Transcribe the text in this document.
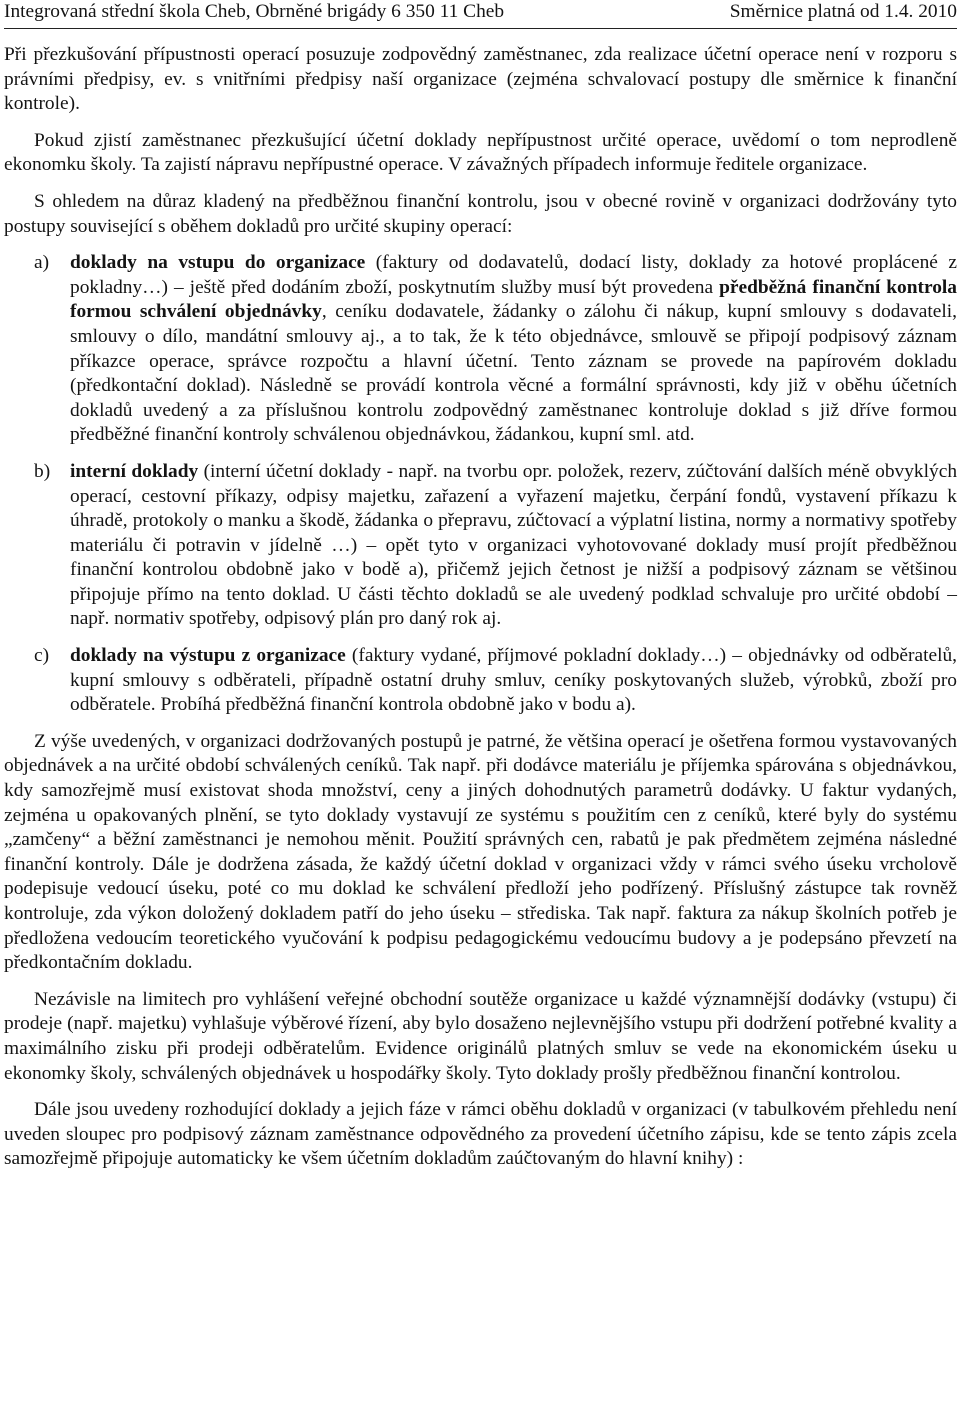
Integrovaná střední škola Cheb, Obrněné brigády 6 350 11 Cheb	Směrnice platná od 1.4. 2010

Při přezkušování přípustnosti operací posuzuje zodpovědný zaměstnanec, zda realizace účetní operace není v rozporu s právními předpisy, ev. s vnitřními předpisy naší organizace (zejména schvalovací postupy dle směrnice k finanční kontrole).

Pokud zjistí zaměstnanec přezkušující účetní doklady nepřípustnost určité operace, uvědomí o tom neprodleně ekonomku školy. Ta zajistí nápravu nepřípustné operace. V závažných případech informuje ředitele organizace.

S ohledem na důraz kladený na předběžnou finanční kontrolu, jsou v obecné rovině v organizaci dodržovány tyto postupy související s oběhem dokladů pro určité skupiny operací:

a) doklady na vstupu do organizace (faktury od dodavatelů, dodací listy, doklady za hotové proplácené z pokladny…) – ještě před dodáním zboží, poskytnutím služby musí být provedena předběžná finanční kontrola formou schválení objednávky, ceníku dodavatele, žádanky o zálohu či nákup, kupní smlouvy s dodavateli, smlouvy o dílo, mandátní smlouvy aj., a to tak, že k této objednávce, smlouvě se připojí podpisový záznam příkazce operace, správce rozpočtu a hlavní účetní. Tento záznam se provede na papírovém dokladu (předkontační doklad). Následně se provádí kontrola věcné a formální správnosti, kdy již v oběhu účetních dokladů uvedený a za příslušnou kontrolu zodpovědný zaměstnanec kontroluje doklad s již dříve formou předběžné finanční kontroly schválenou objednávkou, žádankou, kupní sml. atd.
b) interní doklady (interní účetní doklady - např. na tvorbu opr. položek, rezerv, zúčtování dalších méně obvyklých operací, cestovní příkazy, odpisy majetku, zařazení a vyřazení majetku, čerpání fondů, vystavení příkazu k úhradě, protokoly o manku a škodě, žádanka o přepravu, zúčtovací a výplatní listina, normy a normativy spotřeby materiálu či potravin v jídelně …) – opět tyto v organizaci vyhotovované doklady musí projít předběžnou finanční kontrolou obdobně jako v bodě a), přičemž jejich četnost je nižší a podpisový záznam se většinou připojuje přímo na tento doklad. U části těchto dokladů se ale uvedený podklad schvaluje pro určité období – např. normativ spotřeby, odpisový plán pro daný rok aj.
c) doklady na výstupu z organizace (faktury vydané, příjmové pokladní doklady…) – objednávky od odběratelů, kupní smlouvy s odběrateli, případně ostatní druhy smluv, ceníky poskytovaných služeb, výrobků, zboží pro odběratele. Probíhá předběžná finanční kontrola obdobně jako v bodu a).

Z výše uvedených, v organizaci dodržovaných postupů je patrné, že většina operací je ošetřena formou vystavovaných objednávek a na určité období schválených ceníků. Tak např. při dodávce materiálu je příjemka spárována s objednávkou, kdy samozřejmě musí existovat shoda množství, ceny a jiných dohodnutých parametrů dodávky. U faktur vydaných, zejména u opakovaných plnění, se tyto doklady vystavují ze systému s použitím cen z ceníků, které byly do systému „zamčeny“ a běžní zaměstnanci je nemohou měnit. Použití správných cen, rabatů je pak předmětem zejména následné finanční kontroly. Dále je dodržena zásada, že každý účetní doklad v organizaci vždy v rámci svého úseku vrcholově podepisuje vedoucí úseku, poté co mu doklad ke schválení předloží jeho podřízený. Příslušný zástupce tak rovněž kontroluje, zda výkon doložený dokladem patří do jeho úseku – střediska. Tak např. faktura za nákup školních potřeb je předložena vedoucím teoretického vyučování k podpisu pedagogickému vedoucímu budovy a je podepsáno převzetí na předkontačním dokladu.

Nezávisle na limitech pro vyhlášení veřejné obchodní soutěže organizace u každé významnější dodávky (vstupu) či prodeje (např. majetku) vyhlašuje výběrové řízení, aby bylo dosaženo nejlevnějšího vstupu při dodržení potřebné kvality a maximálního zisku při prodeji odběratelům. Evidence originálů platných smluv se vede na ekonomickém úseku u ekonomky školy, schválených objednávek u hospodářky školy. Tyto doklady prošly předběžnou finanční kontrolou.

Dále jsou uvedeny rozhodující doklady a jejich fáze v rámci oběhu dokladů v organizaci (v tabulkovém přehledu není uveden sloupec pro podpisový záznam zaměstnance odpovědného za provedení účetního zápisu, kde se tento zápis zcela samozřejmě připojuje automaticky ke všem účetním dokladům zaúčtovaným do hlavní knihy) :
